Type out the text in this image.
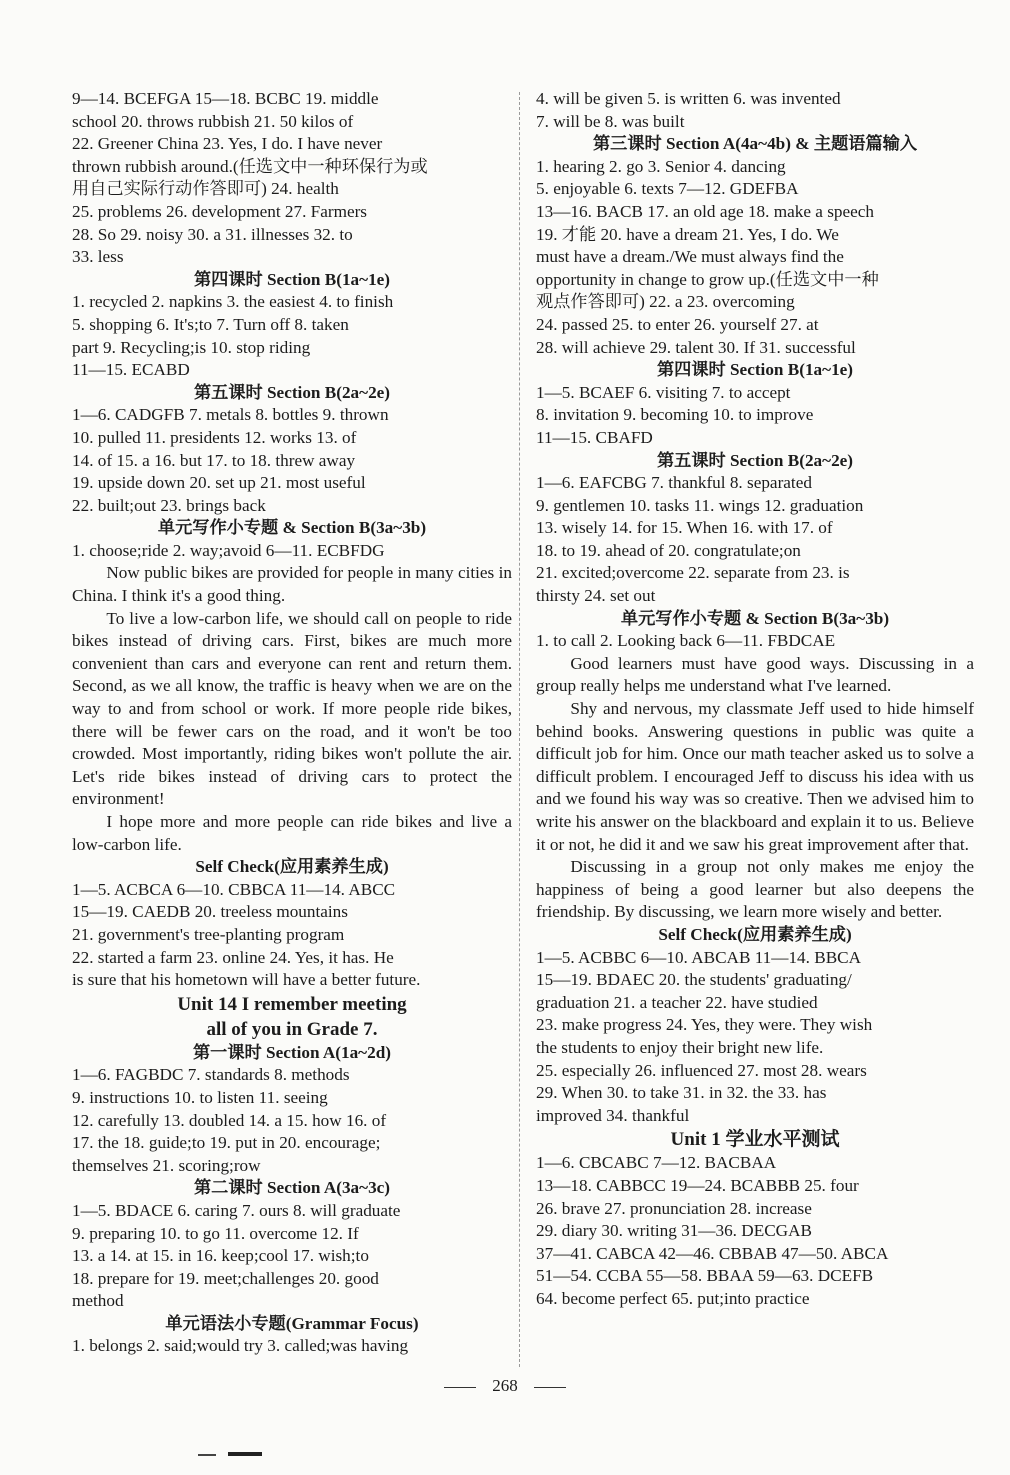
9—14. BCEFGA 15—18. BCBC 19. middle
school 20. throws rubbish 21. 50 kilos of
22. Greener China 23. Yes, I do. I have never
thrown rubbish around.(任选文中一种环保行为或
用自己实际行动作答即可) 24. health
25. problems 26. development 27. Farmers
28. So 29. noisy 30. a 31. illnesses 32. to
33. less
第四课时 Section B(1a~1e)
1. recycled 2. napkins 3. the easiest 4. to finish
5. shopping 6. It's;to 7. Turn off 8. taken
part 9. Recycling;is 10. stop riding
11—15. ECABD
第五课时 Section B(2a~2e)
1—6. CADGFB 7. metals 8. bottles 9. thrown
10. pulled 11. presidents 12. works 13. of
14. of 15. a 16. but 17. to 18. threw away
19. upside down 20. set up 21. most useful
22. built;out 23. brings back
单元写作小专题 & Section B(3a~3b)
1. choose;ride 2. way;avoid 6—11. ECBFDG
Now public bikes are provided for people in many cities in China. I think it's a good thing.
To live a low-carbon life, we should call on people to ride bikes instead of driving cars. First, bikes are much more convenient than cars and everyone can rent and return them. Second, as we all know, the traffic is heavy when we are on the way to and from school or work. If more people ride bikes, there will be fewer cars on the road, and it won't be too crowded. Most importantly, riding bikes won't pollute the air. Let's ride bikes instead of driving cars to protect the environment!
I hope more and more people can ride bikes and live a low-carbon life.
Self Check(应用素养生成)
1—5. ACBCA 6—10. CBBCA 11—14. ABCC
15—19. CAEDB 20. treeless mountains
21. government's tree-planting program
22. started a farm 23. online 24. Yes, it has. He
is sure that his hometown will have a better future.
Unit 14 I remember meeting
all of you in Grade 7.
第一课时 Section A(1a~2d)
1—6. FAGBDC 7. standards 8. methods
9. instructions 10. to listen 11. seeing
12. carefully 13. doubled 14. a 15. how 16. of
17. the 18. guide;to 19. put in 20. encourage;
themselves 21. scoring;row
第二课时 Section A(3a~3c)
1—5. BDACE 6. caring 7. ours 8. will graduate
9. preparing 10. to go 11. overcome 12. If
13. a 14. at 15. in 16. keep;cool 17. wish;to
18. prepare for 19. meet;challenges 20. good
method
单元语法小专题(Grammar Focus)
1. belongs 2. said;would try 3. called;was having
4. will be given 5. is written 6. was invented
7. will be 8. was built
第三课时 Section A(4a~4b) & 主题语篇输入
1. hearing 2. go 3. Senior 4. dancing
5. enjoyable 6. texts 7—12. GDEFBA
13—16. BACB 17. an old age 18. make a speech
19. 才能 20. have a dream 21. Yes, I do. We
must have a dream./We must always find the
opportunity in change to grow up.(任选文中一种
观点作答即可) 22. a 23. overcoming
24. passed 25. to enter 26. yourself 27. at
28. will achieve 29. talent 30. If 31. successful
第四课时 Section B(1a~1e)
1—5. BCAEF 6. visiting 7. to accept
8. invitation 9. becoming 10. to improve
11—15. CBAFD
第五课时 Section B(2a~2e)
1—6. EAFCBG 7. thankful 8. separated
9. gentlemen 10. tasks 11. wings 12. graduation
13. wisely 14. for 15. When 16. with 17. of
18. to 19. ahead of 20. congratulate;on
21. excited;overcome 22. separate from 23. is
thirsty 24. set out
单元写作小专题 & Section B(3a~3b)
1. to call 2. Looking back 6—11. FBDCAE
Good learners must have good ways. Discussing in a group really helps me understand what I've learned.
Shy and nervous, my classmate Jeff used to hide himself behind books. Answering questions in public was quite a difficult job for him. Once our math teacher asked us to solve a difficult problem. I encouraged Jeff to discuss his idea with us and we found his way was so creative. Then we advised him to write his answer on the blackboard and explain it to us. Believe it or not, he did it and we saw his great improvement after that.
Discussing in a group not only makes me enjoy the happiness of being a good learner but also deepens the friendship. By discussing, we learn more wisely and better.
Self Check(应用素养生成)
1—5. ACBBC 6—10. ABCAB 11—14. BBCA
15—19. BDAEC 20. the students' graduating/
graduation 21. a teacher 22. have studied
23. make progress 24. Yes, they were. They wish
the students to enjoy their bright new life.
25. especially 26. influenced 27. most 28. wears
29. When 30. to take 31. in 32. the 33. has
improved 34. thankful
Unit 1 学业水平测试
1—6. CBCABC 7—12. BACBAA
13—18. CABBCC 19—24. BCABBB 25. four
26. brave 27. pronunciation 28. increase
29. diary 30. writing 31—36. DECGAB
37—41. CABCA 42—46. CBBAB 47—50. ABCA
51—54. CCBA 55—58. BBAA 59—63. DCEFB
64. become perfect 65. put;into practice
268
